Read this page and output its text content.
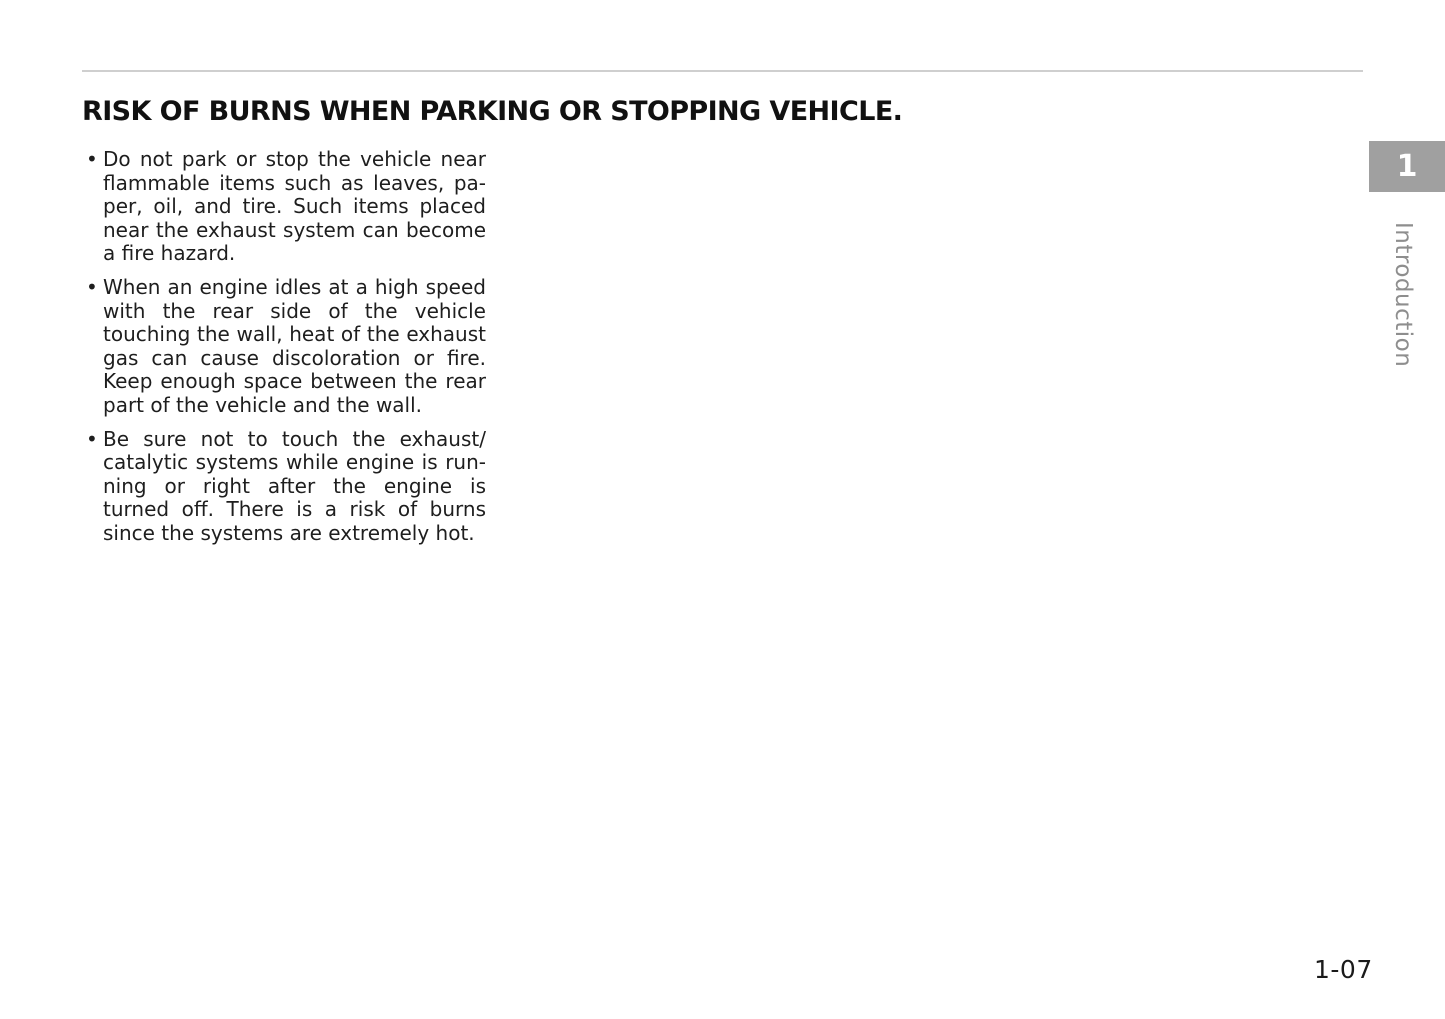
RISK OF BURNS WHEN PARKING OR STOPPING VEHICLE.
• Do not park or stop the vehicle near flammable items such as leaves, paper, oil, and tire. Such items placed near the exhaust system can become a fire hazard.
• When an engine idles at a high speed with the rear side of the vehicle touching the wall, heat of the exhaust gas can cause discoloration or fire. Keep enough space between the rear part of the vehicle and the wall.
• Be sure not to touch the exhaust/ catalytic systems while engine is running or right after the engine is turned off. There is a risk of burns since the systems are extremely hot.
1
Introduction
1-07
